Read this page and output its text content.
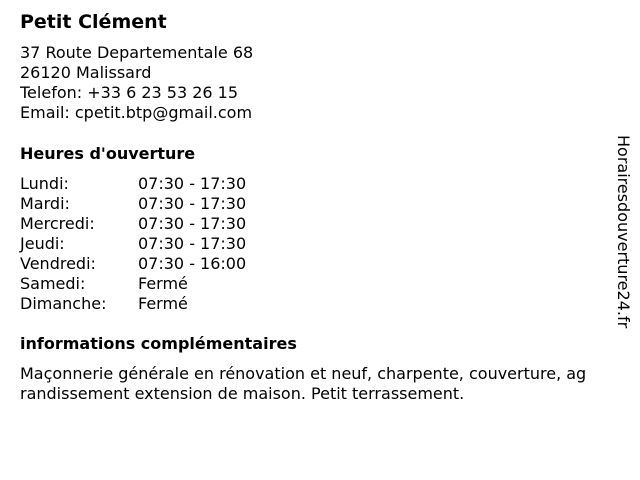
Petit Clément
37 Route Departementale 68
26120 Malissard
Telefon: +33 6 23 53 26 15
Email: cpetit.btp@gmail.com
Heures d'ouverture
Lundi:	07:30 - 17:30
Mardi:	07:30 - 17:30
Mercredi:	07:30 - 17:30
Jeudi:	07:30 - 17:30
Vendredi:	07:30 - 16:00
Samedi:	Fermé
Dimanche: Fermé
informations complémentaires
Maçonnerie générale en rénovation et neuf, charpente, couverture, ag
randissement extension de maison. Petit terrassement.
Horairesdouverture24.fr
